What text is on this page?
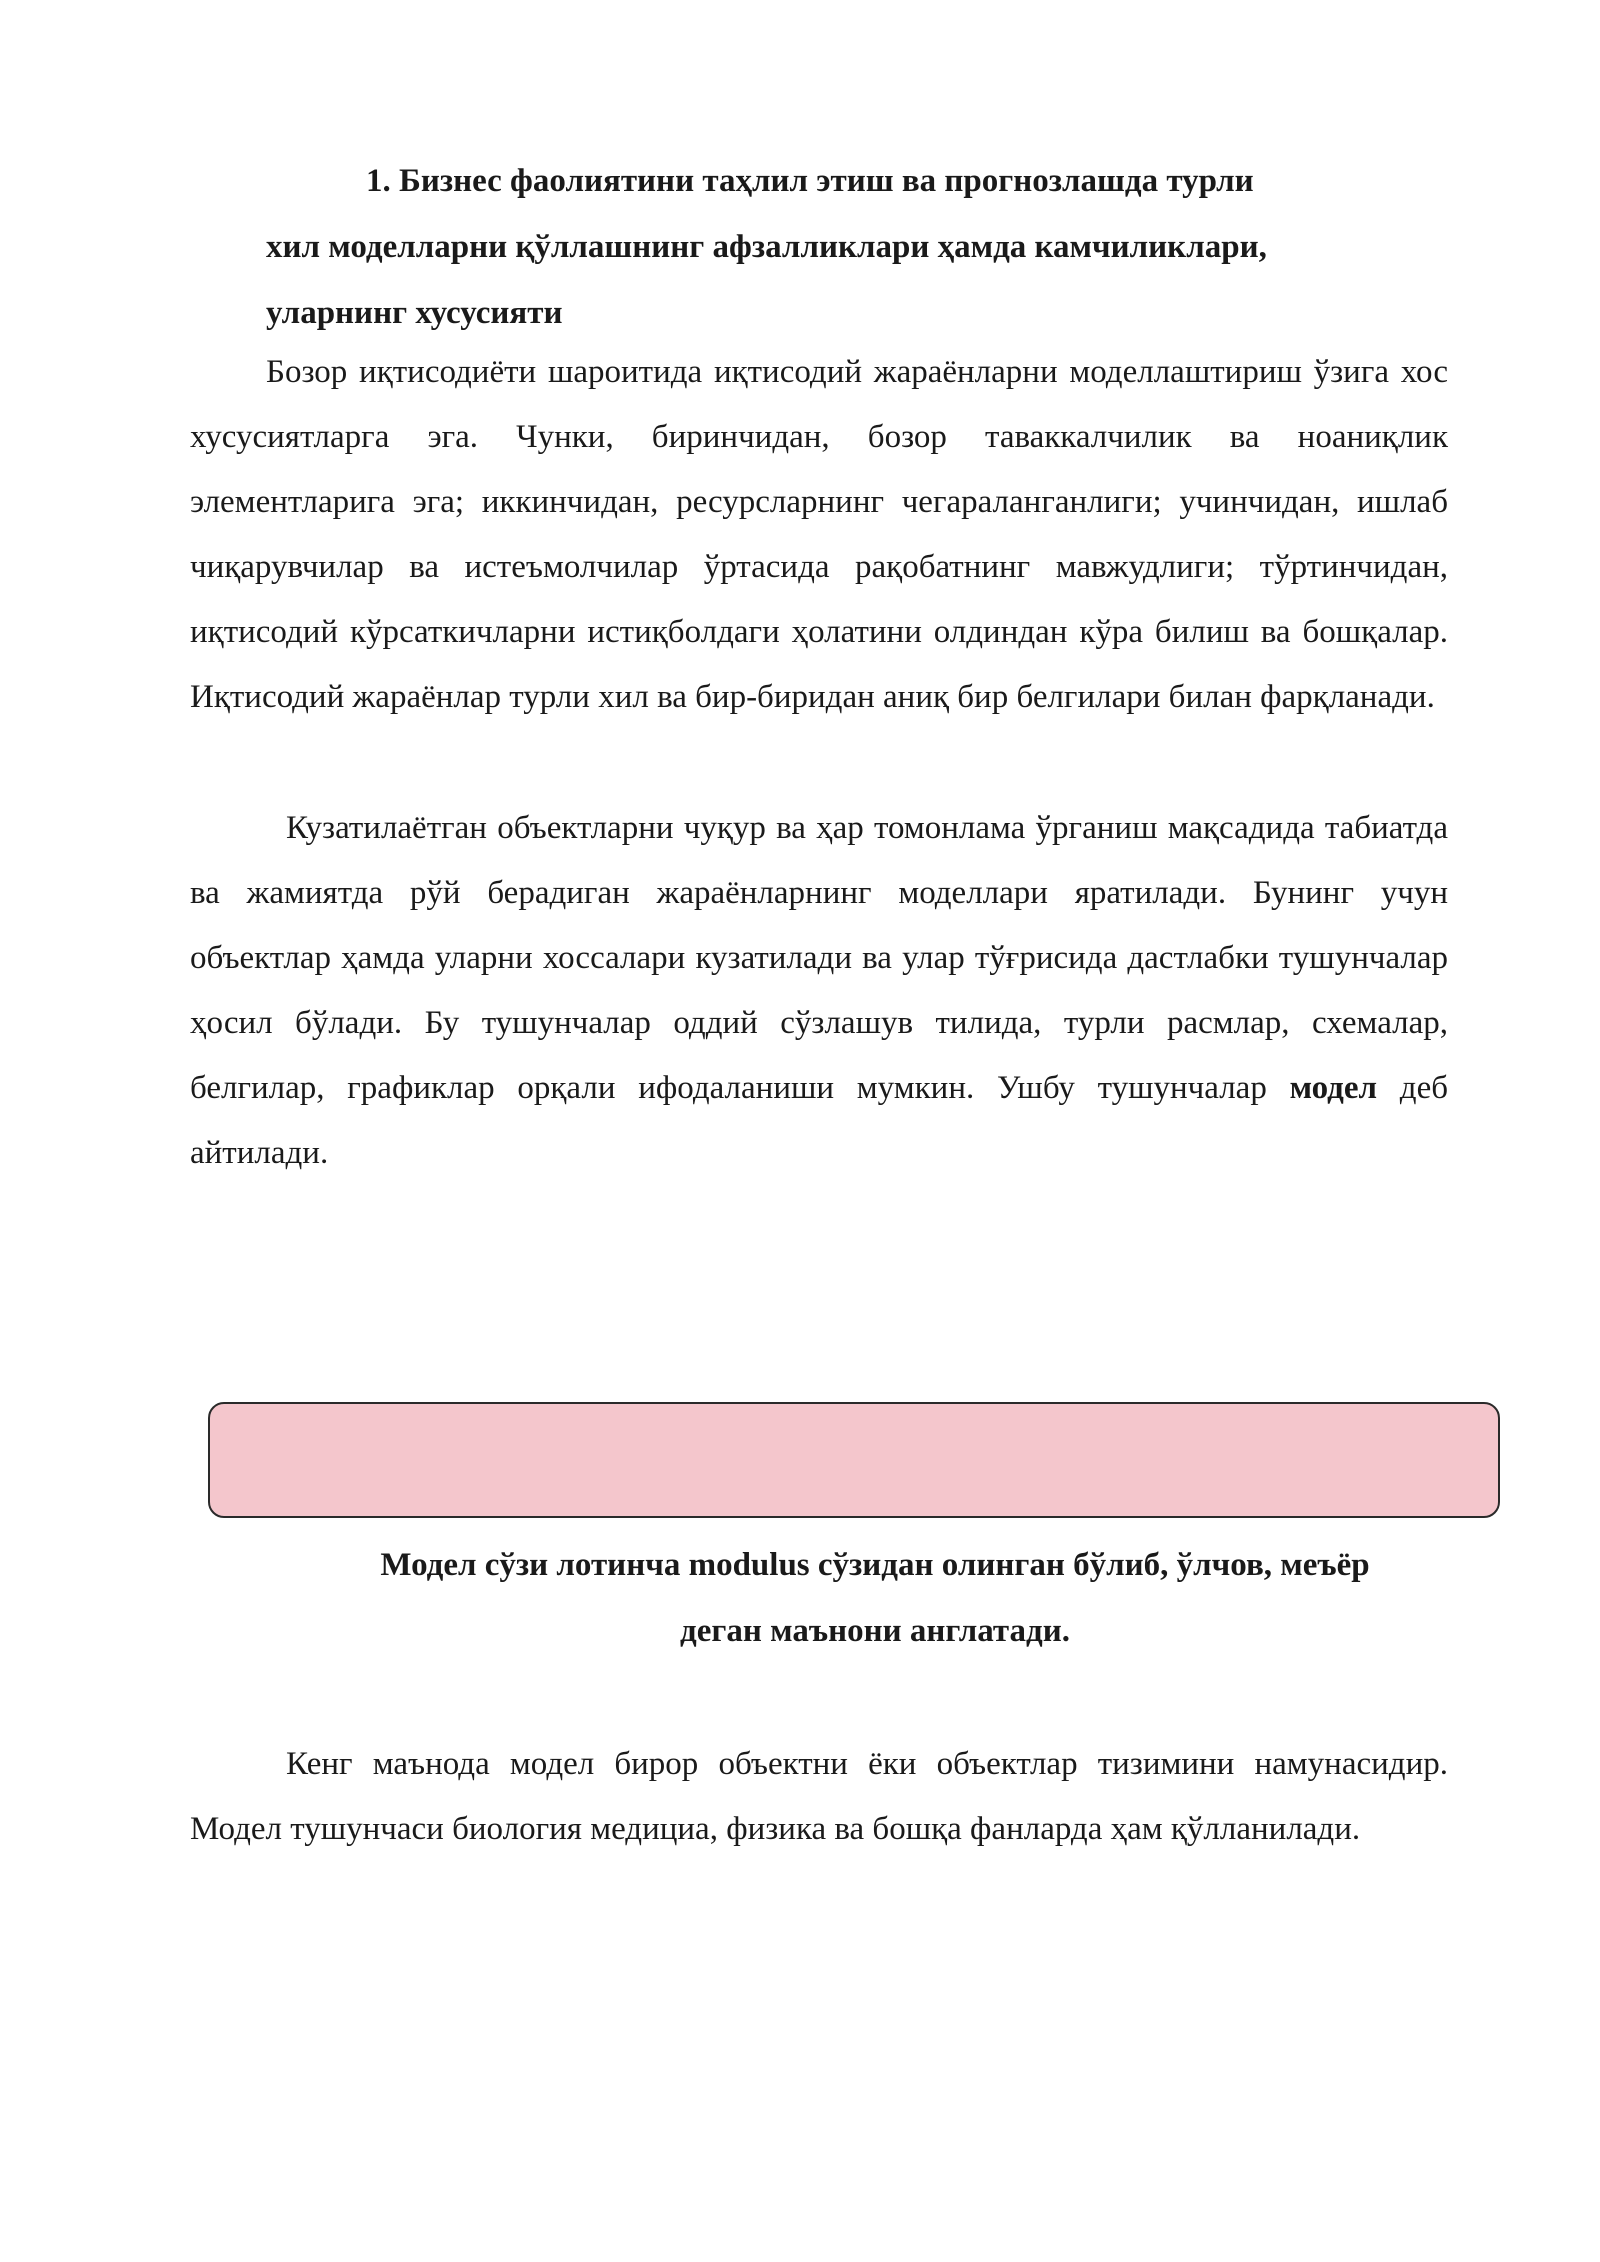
1. Бизнес фаолиятини таҳлил этиш ва прогнозлашда турли
хил моделларни қўллашнинг афзалликлари ҳамда камчиликлари,
уларнинг хусусияти

Бозор иқтисодиёти шароитида иқтисодий жараёнларни моделлаштириш ўзига хос хусусиятларга эга. Чунки, биринчидан, бозор таваккалчилик ва ноаниқлик элементларига эга; иккинчидан, ресурсларнинг чегараланганлиги; учинчидан, ишлаб чиқарувчилар ва истеъмолчилар ўртасида рақобатнинг мавжудлиги; тўртинчидан, иқтисодий кўрсаткичларни истиқболдаги ҳолатини олдиндан кўра билиш ва бошқалар. Иқтисодий жараёнлар турли хил ва бир-биридан аниқ бир белгилари билан фарқланади.

Кузатилаётган объектларни чуқур ва ҳар томонлама ўрганиш мақсадида табиатда ва жамиятда рўй берадиган жараёнларнинг моделлари яратилади. Бунинг учун объектлар ҳамда уларни хоссалари кузатилади ва улар тўғрисида дастлабки тушунчалар ҳосил бўлади. Бу тушунчалар оддий сўзлашув тилида, турли расмлар, схемалар, белгилар, графиклар орқали ифодаланиши мумкин. Ушбу тушунчалар модел деб айтилади.

Модел сўзи лотинча modulus сўзидан олинган бўлиб, ўлчов, меъёр
деган маънони англатади.

Кенг маънода модел бирор объектни ёки объектлар тизимини намунасидир. Модел тушунчаси биология медициа, физика ва бошқа фанларда ҳам қўлланилади.
